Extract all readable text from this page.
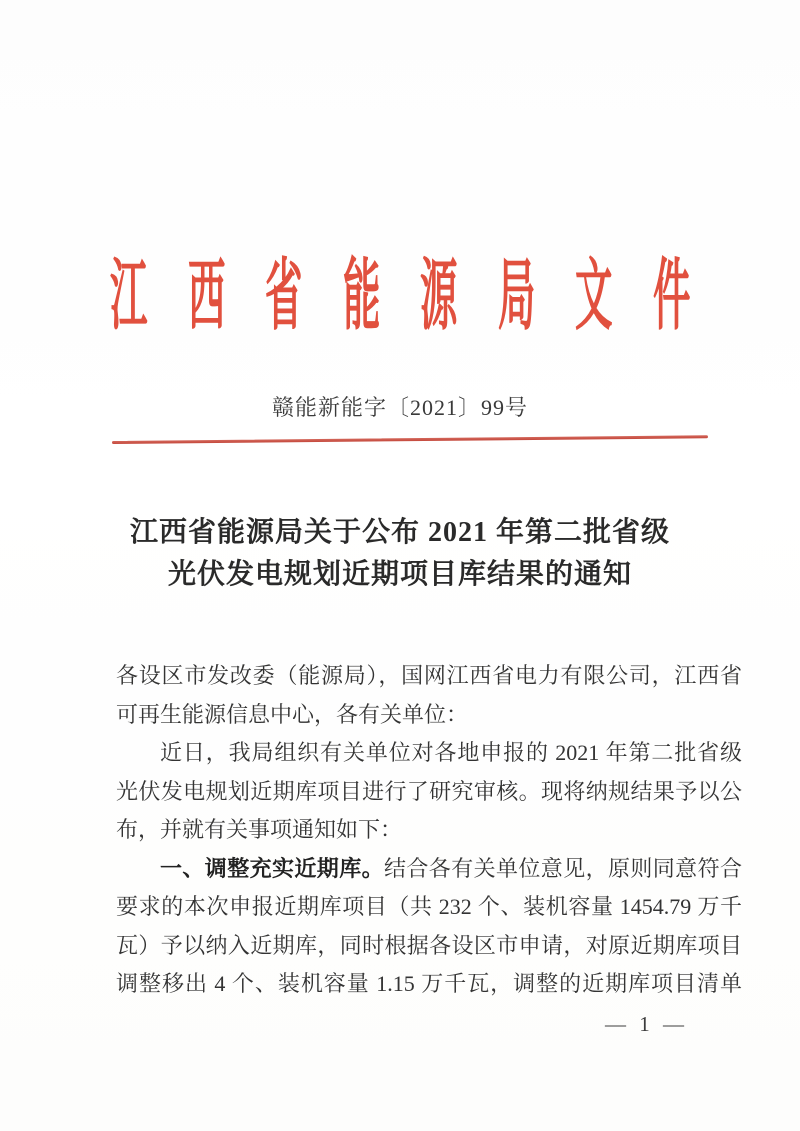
江 西 省 能 源 局 文 件
赣能新能字〔2021〕99号
江西省能源局关于公布 2021 年第二批省级
光伏发电规划近期项目库结果的通知
各设区市发改委（能源局），国网江西省电力有限公司，江西省
可再生能源信息中心，各有关单位：
近日，我局组织有关单位对各地申报的 2021 年第二批省级
光伏发电规划近期库项目进行了研究审核。现将纳规结果予以公
布，并就有关事项通知如下：
一、调整充实近期库。结合各有关单位意见，原则同意符合
要求的本次申报近期库项目（共 232 个、装机容量 1454.79 万千
瓦）予以纳入近期库，同时根据各设区市申请，对原近期库项目
调整移出 4 个、装机容量 1.15 万千瓦，调整的近期库项目清单
— 1 —
